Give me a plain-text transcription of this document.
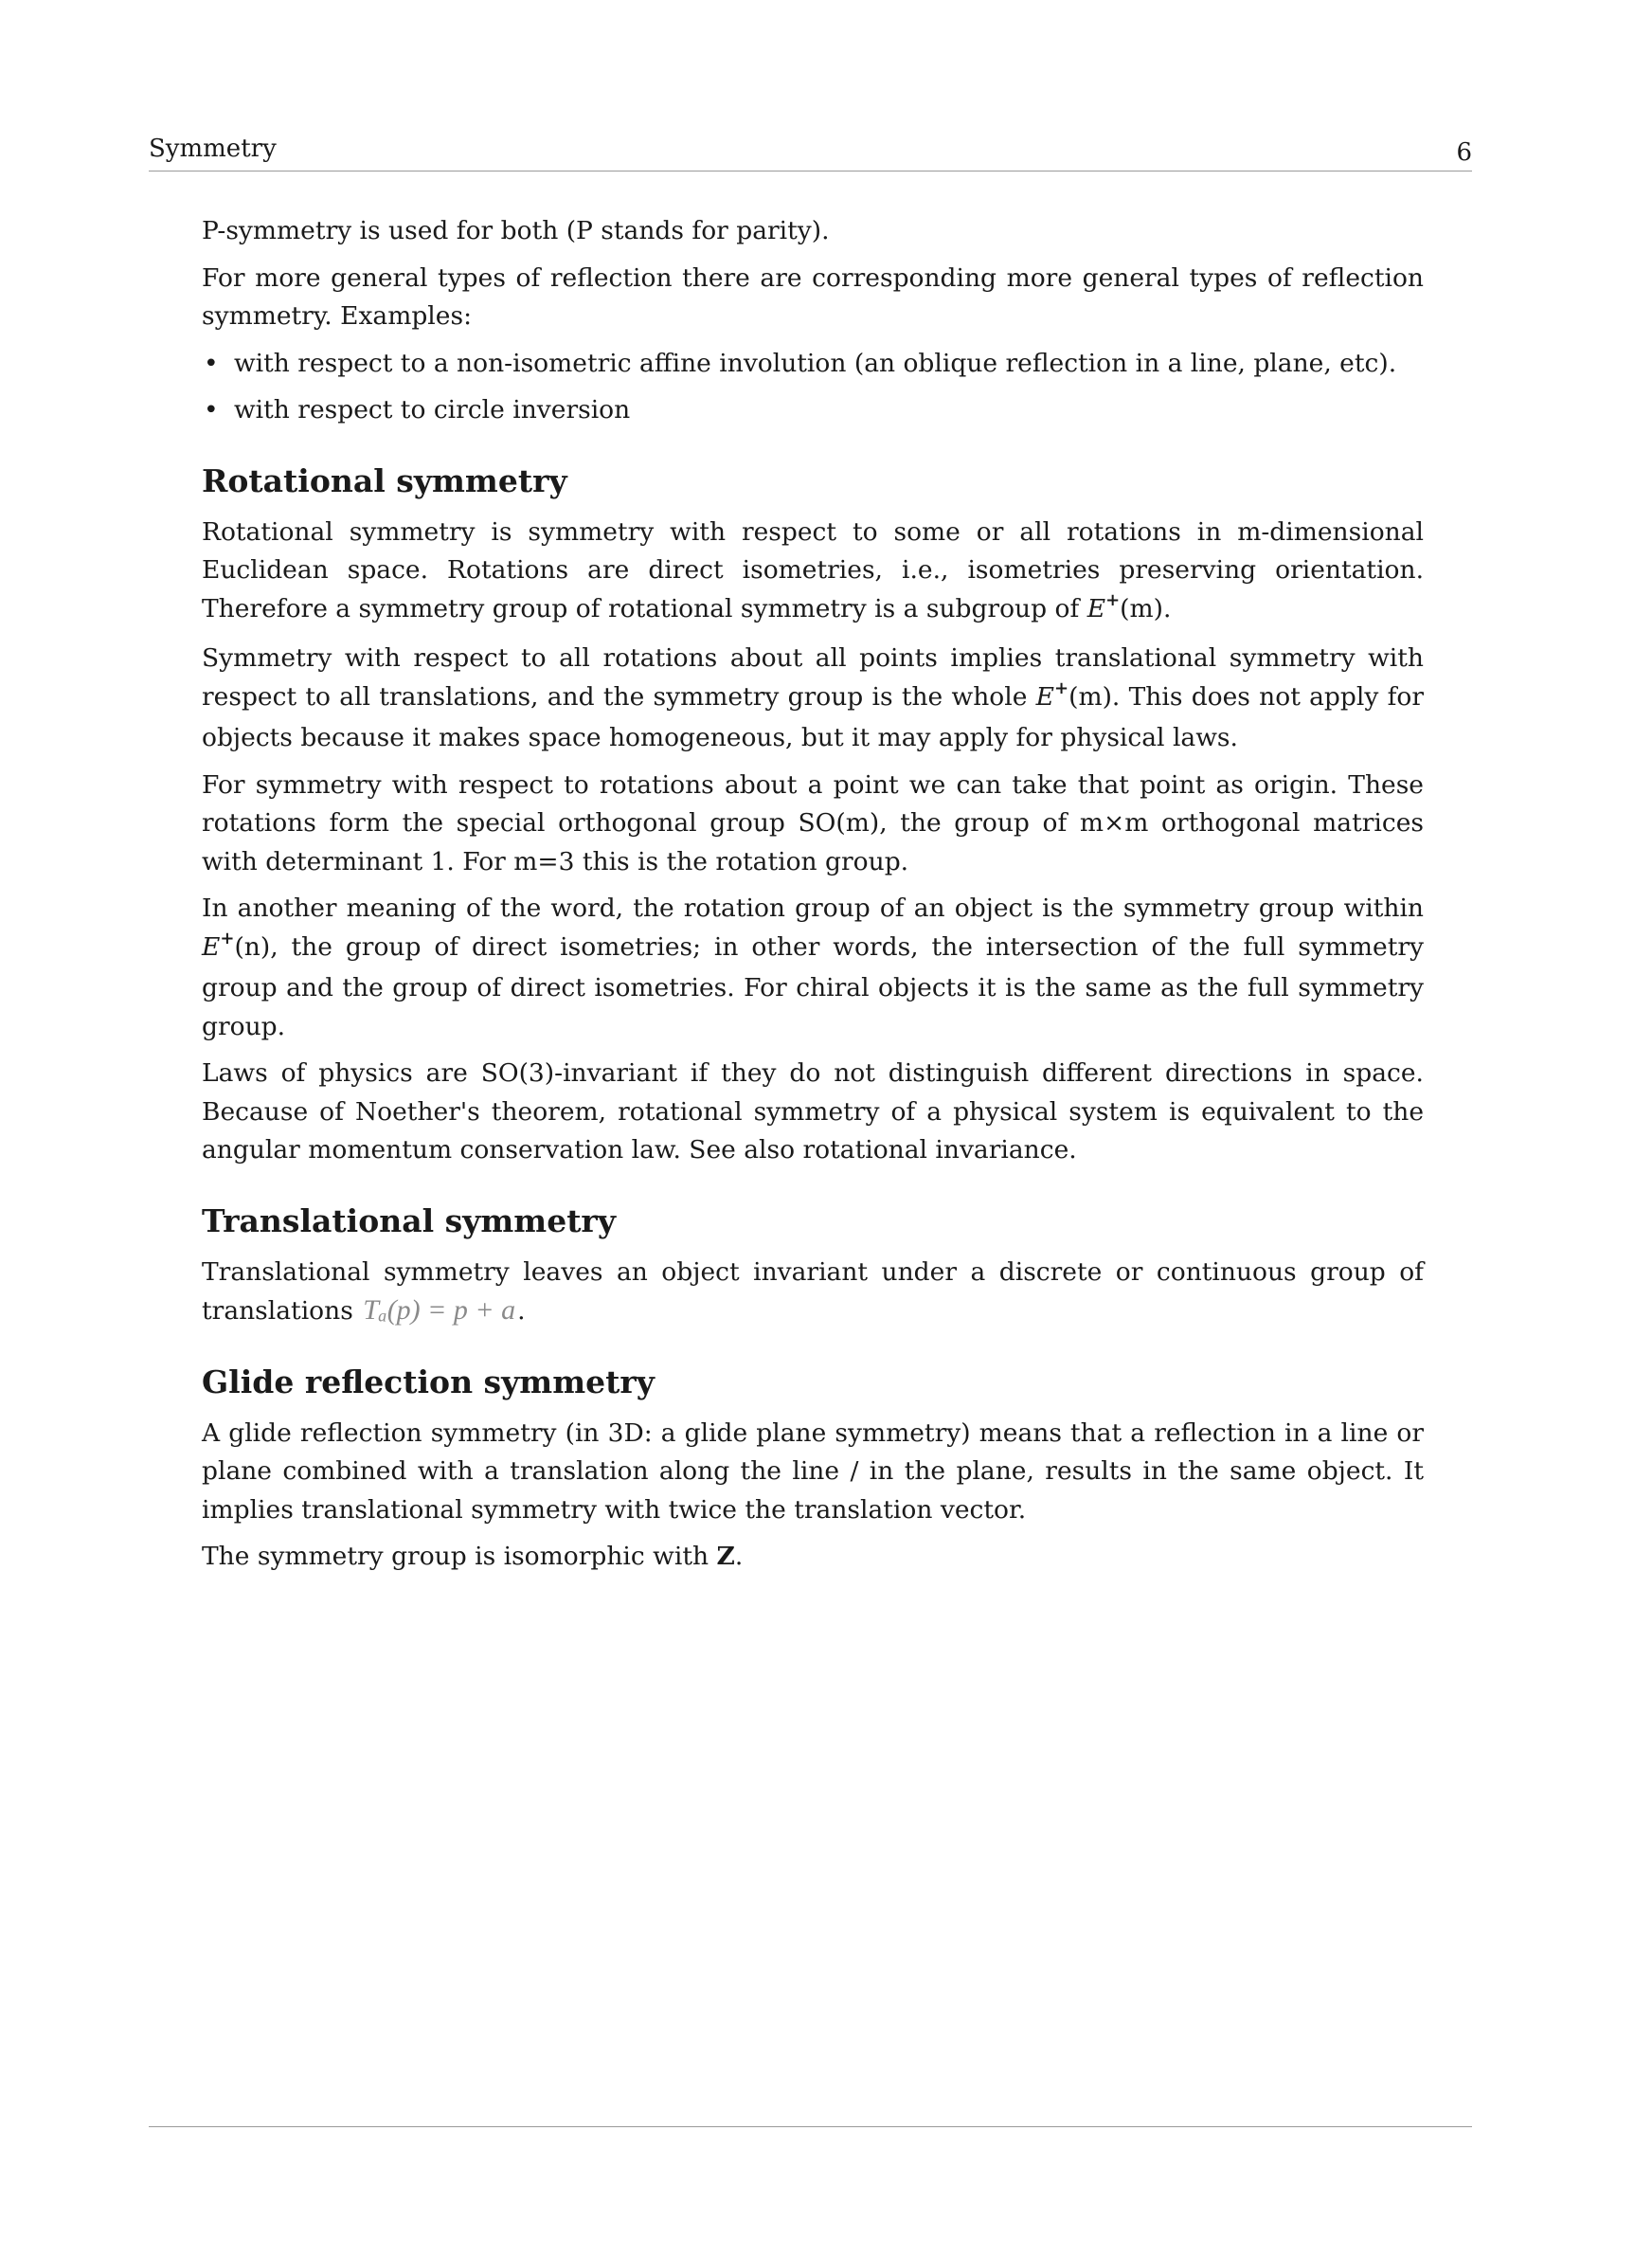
Symmetry	6

P-symmetry is used for both (P stands for parity).

For more general types of reflection there are corresponding more general types of reflection symmetry. Examples:

• with respect to a non-isometric affine involution (an oblique reflection in a line, plane, etc).
• with respect to circle inversion
Rotational symmetry

Rotational symmetry is symmetry with respect to some or all rotations in m-dimensional Euclidean space. Rotations are direct isometries, i.e., isometries preserving orientation. Therefore a symmetry group of rotational symmetry is a subgroup of E+(m).

Symmetry with respect to all rotations about all points implies translational symmetry with respect to all translations, and the symmetry group is the whole E+(m). This does not apply for objects because it makes space homogeneous, but it may apply for physical laws.

For symmetry with respect to rotations about a point we can take that point as origin. These rotations form the special orthogonal group SO(m), the group of m×m orthogonal matrices with determinant 1. For m=3 this is the rotation group.

In another meaning of the word, the rotation group of an object is the symmetry group within E+(n), the group of direct isometries; in other words, the intersection of the full symmetry group and the group of direct isometries. For chiral objects it is the same as the full symmetry group.

Laws of physics are SO(3)-invariant if they do not distinguish different directions in space. Because of Noether's theorem, rotational symmetry of a physical system is equivalent to the angular momentum conservation law. See also rotational invariance.

Translational symmetry

Translational symmetry leaves an object invariant under a discrete or continuous group of translations Tₐ(p) = p + a.

Glide reflection symmetry

A glide reflection symmetry (in 3D: a glide plane symmetry) means that a reflection in a line or plane combined with a translation along the line / in the plane, results in the same object. It implies translational symmetry with twice the translation vector.

The symmetry group is isomorphic with Z.
